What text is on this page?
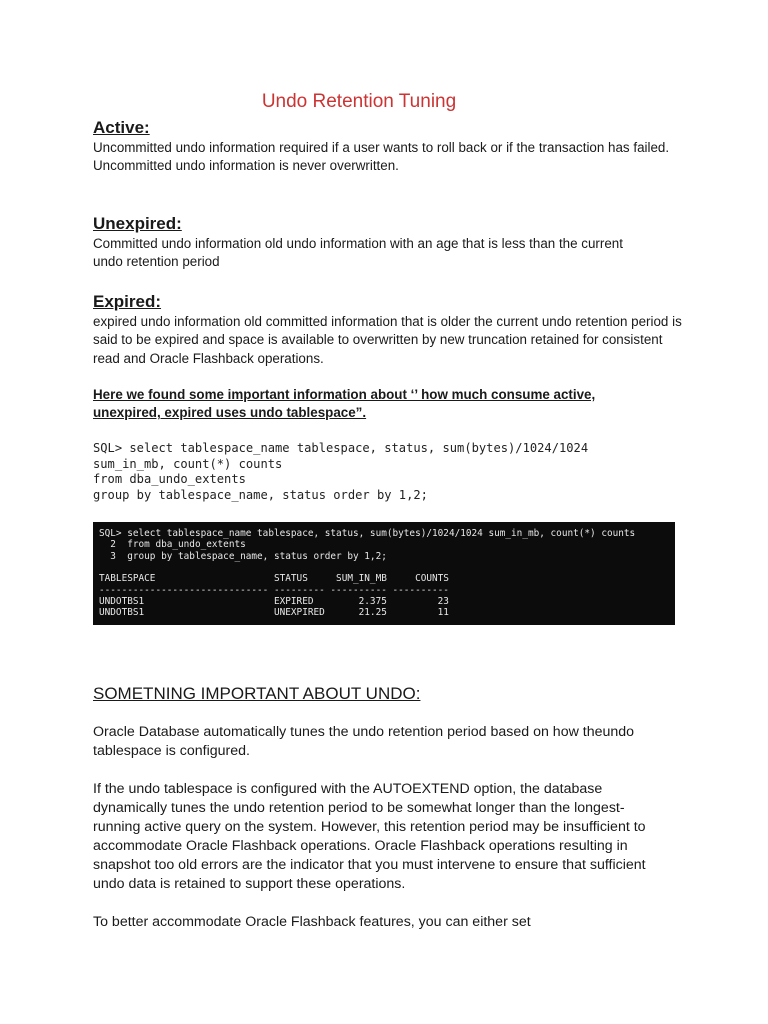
Undo Retention Tuning
Active:

Uncommitted undo information required if a user wants to roll back or if the transaction has failed.

Uncommitted undo information is never overwritten.

Unexpired:

Committed undo information old undo information with an age that is less than the current undo retention period

Expired:

expired undo information old committed information that is older the current undo retention period is said to be expired and space is available to overwritten by new truncation retained for consistent read and Oracle Flashback operations.

Here we found some important information about ‘’ how much consume active, unexpired, expired uses undo tablespace”.
SQL> select tablespace_name tablespace, status, sum(bytes)/1024/1024
sum_in_mb, count(*) counts
from dba_undo_extents
group by tablespace_name, status order by 1,2;
SQL> select tablespace_name tablespace, status, sum(bytes)/1024/1024 sum_in_mb, count(*) counts
2  from dba_undo_extents
3  group by tablespace_name, status order by 1,2;
TABLESPACE                     STATUS     SUM_IN_MB     COUNTS
------------------------------ --------- ---------- ----------
UNDOTBS1                       EXPIRED        2.375         23
UNDOTBS1                       UNEXPIRED      21.25         11
SOMETNING IMPORTANT ABOUT UNDO:

Oracle Database automatically tunes the undo retention period based on how theundo tablespace is configured.

If the undo tablespace is configured with the AUTOEXTEND option, the database dynamically tunes the undo retention period to be somewhat longer than the longest-running active query on the system. However, this retention period may be insufficient to accommodate Oracle Flashback operations. Oracle Flashback operations resulting in snapshot too old errors are the indicator that you must intervene to ensure that sufficient undo data is retained to support these operations.

To better accommodate Oracle Flashback features, you can either set
